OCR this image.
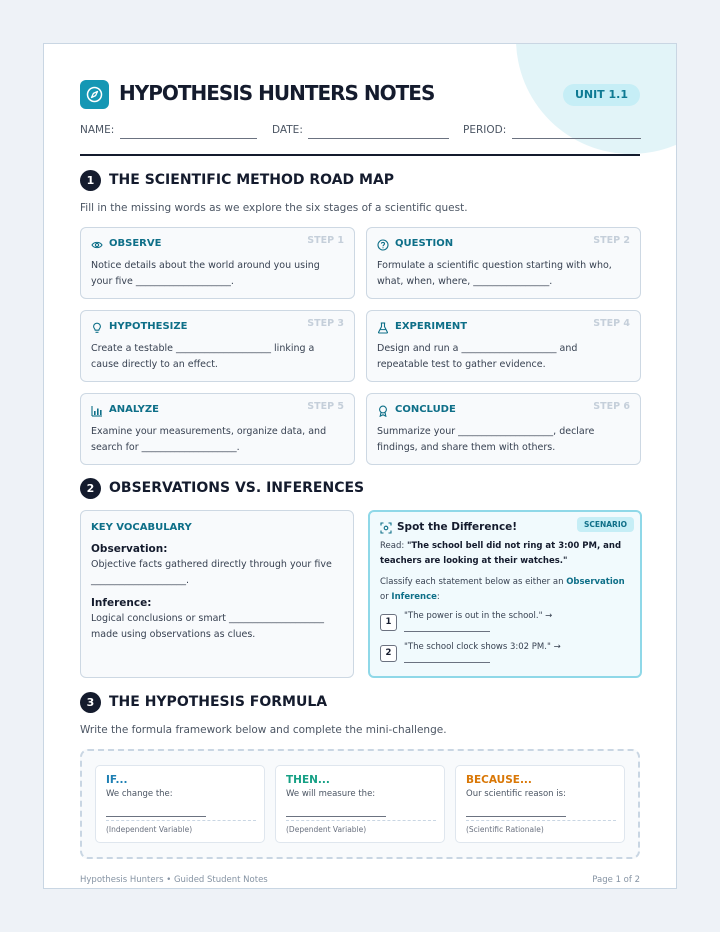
HYPOTHESIS HUNTERS NOTES	UNIT 1.1
NAME:	DATE:	PERIOD:
1	THE SCIENTIFIC METHOD ROAD MAP
Fill in the missing words as we explore the six stages of a scientific quest.
OBSERVE	STEP 1
Notice details about the world around you using your five ____________________.
QUESTION	STEP 2
Formulate a scientific question starting with who, what, when, where, ________________.
HYPOTHESIZE	STEP 3
Create a testable ____________________ linking a cause directly to an effect.
EXPERIMENT	STEP 4
Design and run a ____________________ and repeatable test to gather evidence.
ANALYZE	STEP 5
Examine your measurements, organize data, and search for ____________________.
CONCLUDE	STEP 6
Summarize your ____________________, declare findings, and share them with others.
2	OBSERVATIONS VS. INFERENCES
KEY VOCABULARY
Observation:
Objective facts gathered directly through your five ____________________.
Inference:
Logical conclusions or smart ____________________ made using observations as clues.
Spot the Difference!	SCENARIO
Read: "The school bell did not ring at 3:00 PM, and teachers are looking at their watches."
Classify each statement below as either an Observation or Inference:
1
"The power is out in the school." →
2
"The school clock shows 3:02 PM." →
3	THE HYPOTHESIS FORMULA
Write the formula framework below and complete the mini-challenge.
IF...
We change the:
(Independent Variable)
THEN...
We will measure the:
(Dependent Variable)
BECAUSE...
Our scientific reason is:
(Scientific Rationale)
Hypothesis Hunters • Guided Student Notes	Page 1 of 2
